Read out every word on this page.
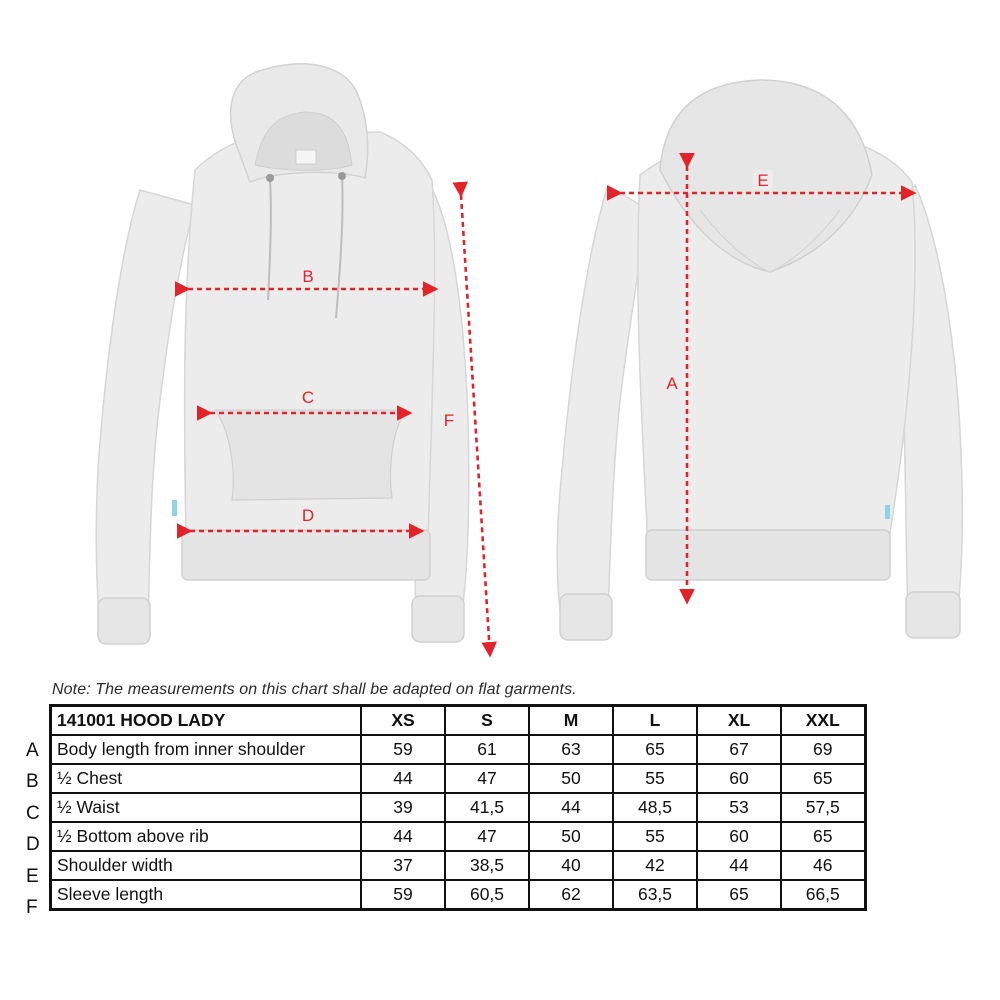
B
C
D
F
E
A
Note: The measurements on this chart shall be adapted on flat garments.
A
B
C
D
E
F
141001 HOOD LADY	XS	S	M	L	XL	XXL
Body length from inner shoulder	59	61	63	65	67	69
½ Chest	44	47	50	55	60	65
½ Waist	39	41,5	44	48,5	53	57,5
½ Bottom above rib	44	47	50	55	60	65
Shoulder width	37	38,5	40	42	44	46
Sleeve length	59	60,5	62	63,5	65	66,5
